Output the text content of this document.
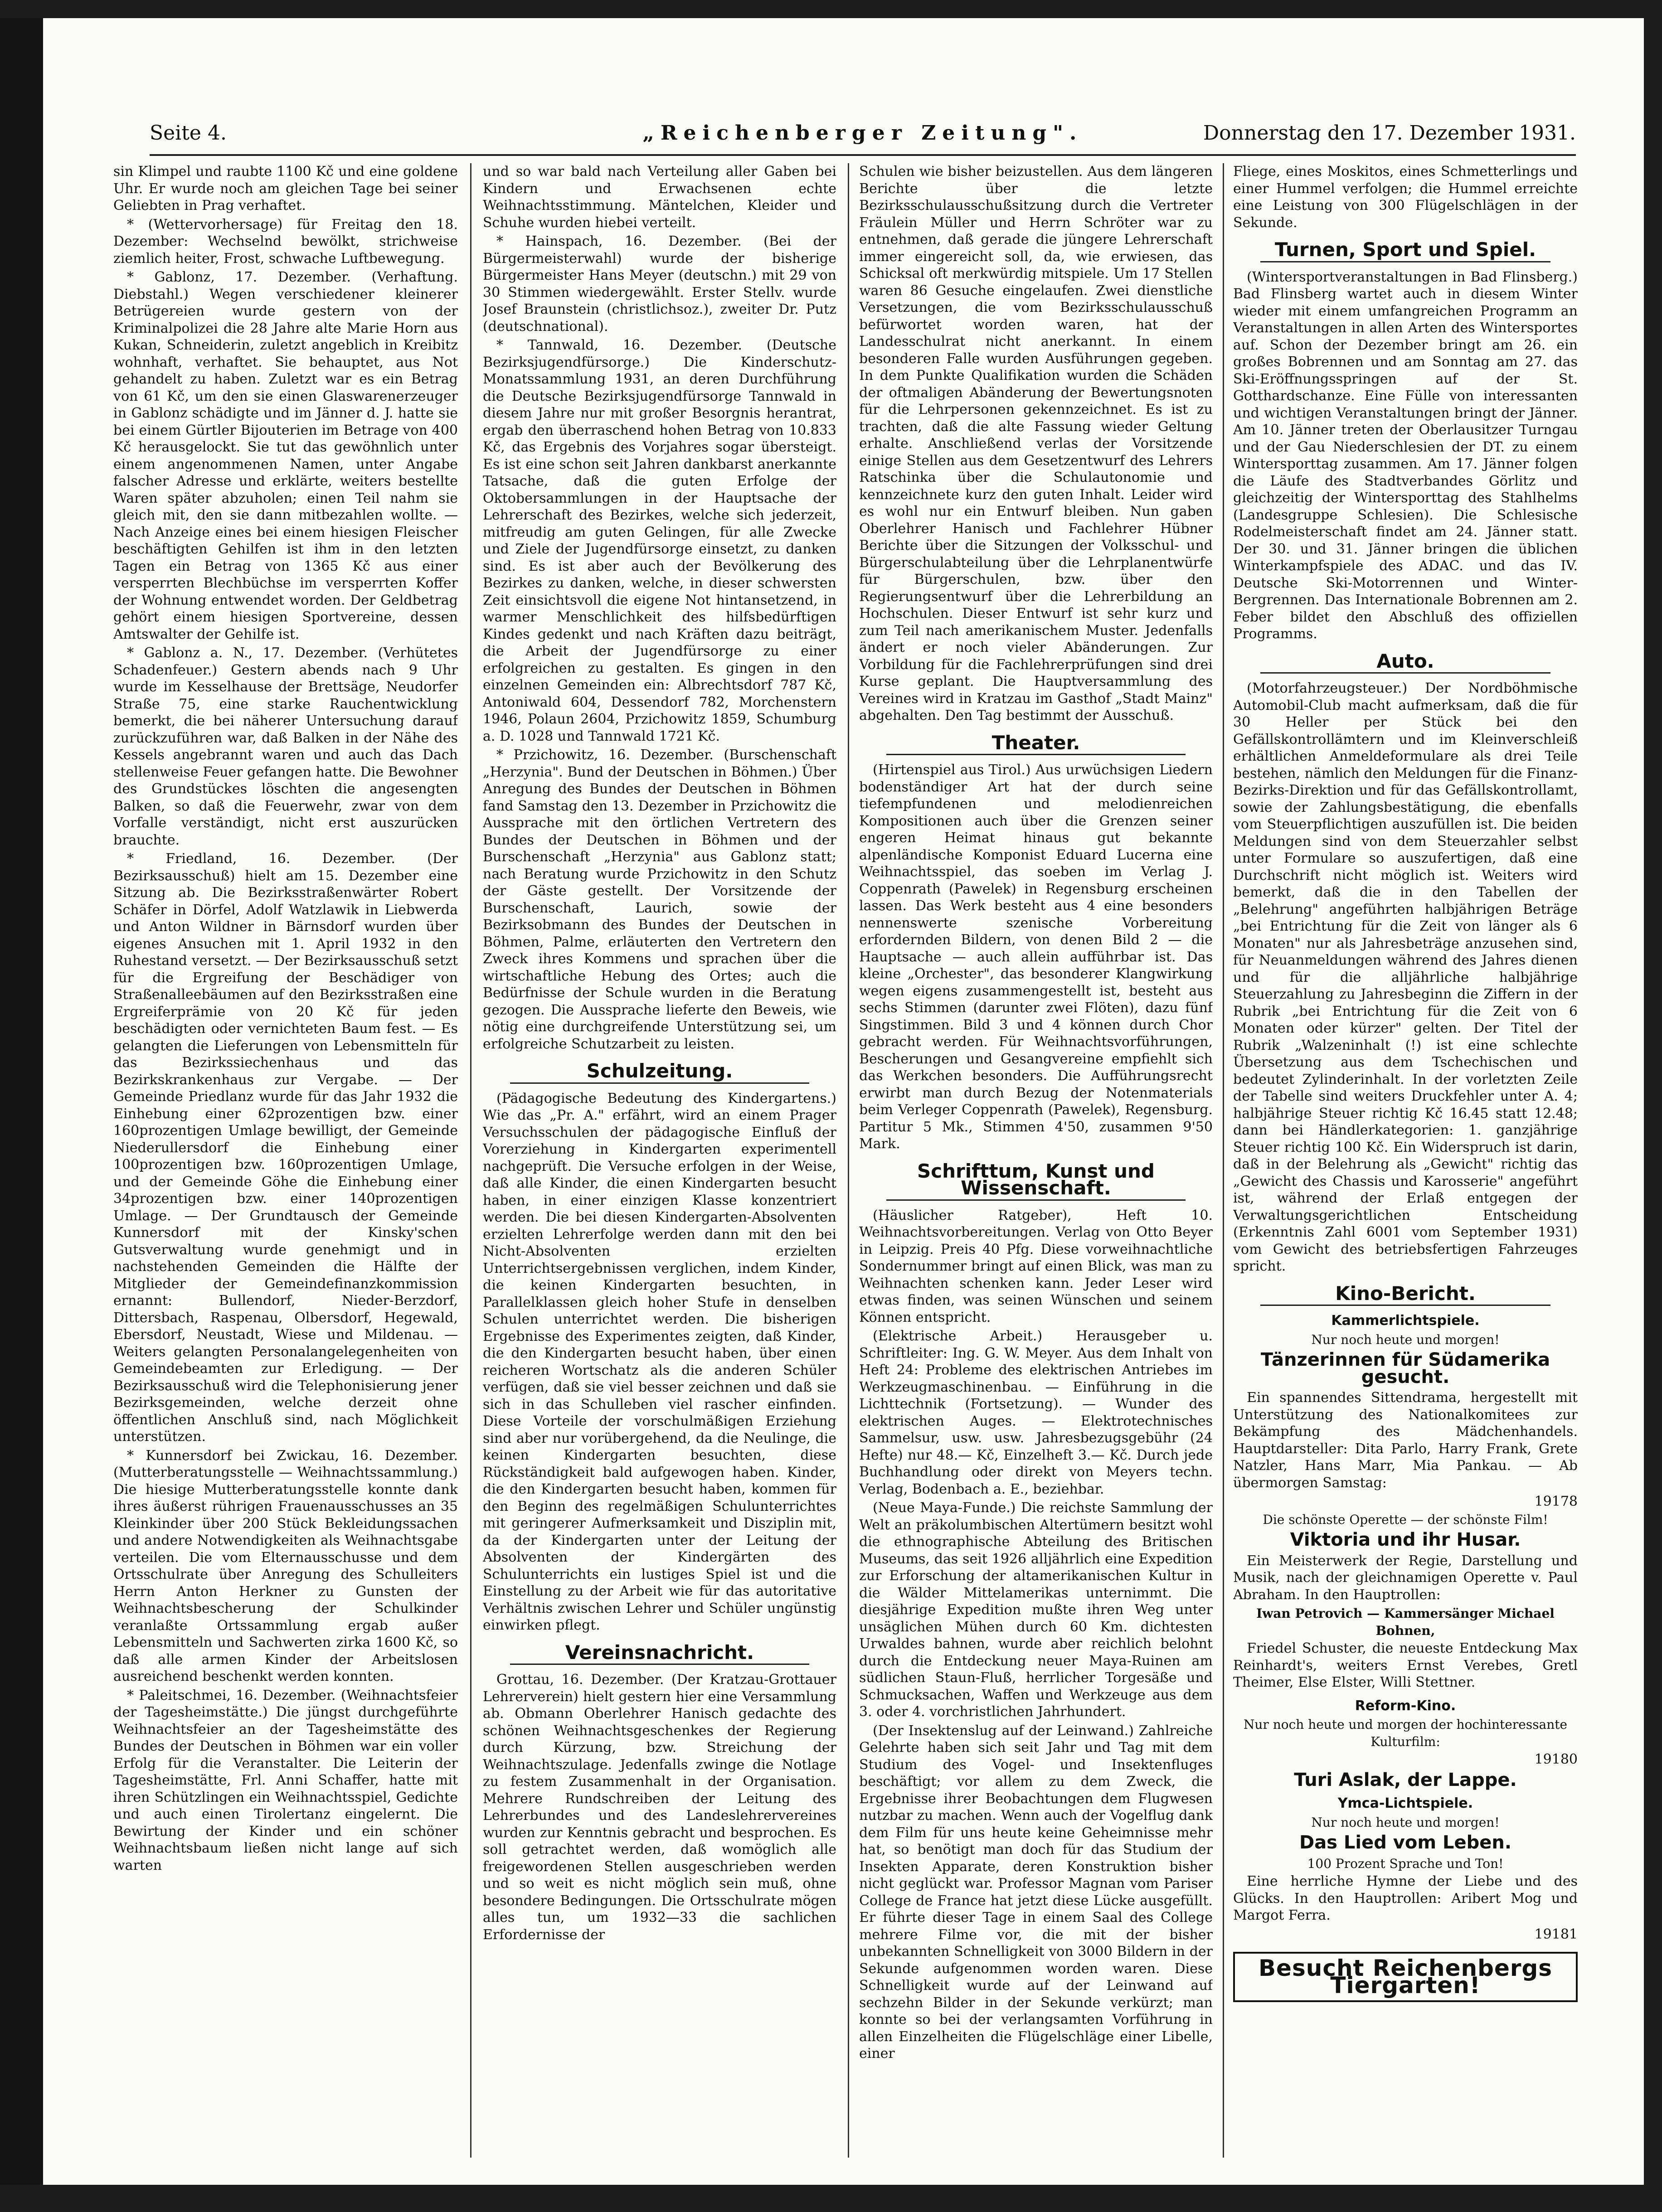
Seite 4.	„Reichenberger Zeitung".	Donnerstag den 17. Dezember 1931.

sin Klimpel und raubte 1100 Kč und eine goldene Uhr. Er wurde noch am gleichen Tage bei seiner Geliebten in Prag verhaftet.

* (Wettervorhersage) für Freitag den 18. Dezember: Wechselnd bewölkt, strichweise ziemlich heiter, Frost, schwache Luftbewegung.

* Gablonz, 17. Dezember. (Verhaftung. Diebstahl.) Wegen verschiedener kleinerer Betrügereien wurde gestern von der Kriminalpolizei die 28 Jahre alte Marie Horn aus Kukan, Schneiderin, zuletzt angeblich in Kreibitz wohnhaft, verhaftet. Sie behauptet, aus Not gehandelt zu haben. Zuletzt war es ein Betrag von 61 Kč, um den sie einen Glaswarenerzeuger in Gablonz schädigte und im Jänner d. J. hatte sie bei einem Gürtler Bijouterien im Betrage von 400 Kč herausgelockt. Sie tut das gewöhnlich unter einem angenommenen Namen, unter Angabe falscher Adresse und erklärte, weiters bestellte Waren später abzuholen; einen Teil nahm sie gleich mit, den sie dann mitbezahlen wollte. — Nach Anzeige eines bei einem hiesigen Fleischer beschäftigten Gehilfen ist ihm in den letzten Tagen ein Betrag von 1365 Kč aus einer versperrten Blechbüchse im versperrten Koffer der Wohnung entwendet worden. Der Geldbetrag gehört einem hiesigen Sportvereine, dessen Amtswalter der Gehilfe ist.

* Gablonz a. N., 17. Dezember. (Verhütetes Schadenfeuer.) Gestern abends nach 9 Uhr wurde im Kesselhause der Brettsäge, Neudorfer Straße 75, eine starke Rauchentwicklung bemerkt, die bei näherer Untersuchung darauf zurückzuführen war, daß Balken in der Nähe des Kessels angebrannt waren und auch das Dach stellenweise Feuer gefangen hatte. Die Bewohner des Grundstückes löschten die angesengten Balken, so daß die Feuerwehr, zwar von dem Vorfalle verständigt, nicht erst auszurücken brauchte.

* Friedland, 16. Dezember. (Der Bezirksausschuß) hielt am 15. Dezember eine Sitzung ab. Die Bezirksstraßenwärter Robert Schäfer in Dörfel, Adolf Watzlawik in Liebwerda und Anton Wildner in Bärnsdorf wurden über eigenes Ansuchen mit 1. April 1932 in den Ruhestand versetzt. — Der Bezirksausschuß setzt für die Ergreifung der Beschädiger von Straßenalleebäumen auf den Bezirksstraßen eine Ergreiferprämie von 20 Kč für jeden beschädigten oder vernichteten Baum fest. — Es gelangten die Lieferungen von Lebensmitteln für das Bezirkssiechenhaus und das Bezirkskrankenhaus zur Vergabe. — Der Gemeinde Priedlanz wurde für das Jahr 1932 die Einhebung einer 62prozentigen bzw. einer 160prozentigen Umlage bewilligt, der Gemeinde Niederullersdorf die Einhebung einer 100prozentigen bzw. 160prozentigen Umlage, und der Gemeinde Göhe die Einhebung einer 34prozentigen bzw. einer 140prozentigen Umlage. — Der Grundtausch der Gemeinde Kunnersdorf mit der Kinsky'schen Gutsverwaltung wurde genehmigt und in nachstehenden Gemeinden die Hälfte der Mitglieder der Gemeindefinanzkommission ernannt: Bullendorf, Nieder-Berzdorf, Dittersbach, Raspenau, Olbersdorf, Hegewald, Ebersdorf, Neustadt, Wiese und Mildenau. — Weiters gelangten Personalangelegenheiten von Gemeindebeamten zur Erledigung. — Der Bezirksausschuß wird die Telephonisierung jener Bezirksgemeinden, welche derzeit ohne öffentlichen Anschluß sind, nach Möglichkeit unterstützen.

* Kunnersdorf bei Zwickau, 16. Dezember. (Mutterberatungsstelle — Weihnachtssammlung.) Die hiesige Mutterberatungsstelle konnte dank ihres äußerst rührigen Frauenausschusses an 35 Kleinkinder über 200 Stück Bekleidungssachen und andere Notwendigkeiten als Weihnachtsgabe verteilen. Die vom Elternausschusse und dem Ortsschulrate über Anregung des Schulleiters Herrn Anton Herkner zu Gunsten der Weihnachtsbescherung der Schulkinder veranlaßte Ortssammlung ergab außer Lebensmitteln und Sachwerten zirka 1600 Kč, so daß alle armen Kinder der Arbeitslosen ausreichend beschenkt werden konnten.

* Paleitschmei, 16. Dezember. (Weihnachtsfeier der Tagesheimstätte.) Die jüngst durchgeführte Weihnachtsfeier an der Tagesheimstätte des Bundes der Deutschen in Böhmen war ein voller Erfolg für die Veranstalter. Die Leiterin der Tagesheimstätte, Frl. Anni Schaffer, hatte mit ihren Schützlingen ein Weihnachtsspiel, Gedichte und auch einen Tirolertanz eingelernt. Die Bewirtung der Kinder und ein schöner Weihnachtsbaum ließen nicht lange auf sich warten

und so war bald nach Verteilung aller Gaben bei Kindern und Erwachsenen echte Weihnachtsstimmung. Mäntelchen, Kleider und Schuhe wurden hiebei verteilt.

* Hainspach, 16. Dezember. (Bei der Bürgermeisterwahl) wurde der bisherige Bürgermeister Hans Meyer (deutschn.) mit 29 von 30 Stimmen wiedergewählt. Erster Stellv. wurde Josef Braunstein (christlichsoz.), zweiter Dr. Putz (deutschnational).

* Tannwald, 16. Dezember. (Deutsche Bezirksjugendfürsorge.) Die Kinderschutz-Monatssammlung 1931, an deren Durchführung die Deutsche Bezirksjugendfürsorge Tannwald in diesem Jahre nur mit großer Besorgnis herantrat, ergab den überraschend hohen Betrag von 10.833 Kč, das Ergebnis des Vorjahres sogar übersteigt. Es ist eine schon seit Jahren dankbarst anerkannte Tatsache, daß die guten Erfolge der Oktobersammlungen in der Hauptsache der Lehrerschaft des Bezirkes, welche sich jederzeit, mitfreudig am guten Gelingen, für alle Zwecke und Ziele der Jugendfürsorge einsetzt, zu danken sind. Es ist aber auch der Bevölkerung des Bezirkes zu danken, welche, in dieser schwersten Zeit einsichtsvoll die eigene Not hintansetzend, in warmer Menschlichkeit des hilfsbedürftigen Kindes gedenkt und nach Kräften dazu beiträgt, die Arbeit der Jugendfürsorge zu einer erfolgreichen zu gestalten. Es gingen in den einzelnen Gemeinden ein: Albrechtsdorf 787 Kč, Antoniwald 604, Dessendorf 782, Morchenstern 1946, Polaun 2604, Przichowitz 1859, Schumburg a. D. 1028 und Tannwald 1721 Kč.

* Przichowitz, 16. Dezember. (Burschenschaft „Herzynia". Bund der Deutschen in Böhmen.) Über Anregung des Bundes der Deutschen in Böhmen fand Samstag den 13. Dezember in Przichowitz die Aussprache mit den örtlichen Vertretern des Bundes der Deutschen in Böhmen und der Burschenschaft „Herzynia" aus Gablonz statt; nach Beratung wurde Przichowitz in den Schutz der Gäste gestellt. Der Vorsitzende der Burschenschaft, Laurich, sowie der Bezirksobmann des Bundes der Deutschen in Böhmen, Palme, erläuterten den Vertretern den Zweck ihres Kommens und sprachen über die wirtschaftliche Hebung des Ortes; auch die Bedürfnisse der Schule wurden in die Beratung gezogen. Die Aussprache lieferte den Beweis, wie nötig eine durchgreifende Unterstützung sei, um erfolgreiche Schutzarbeit zu leisten.

Schulzeitung.

(Pädagogische Bedeutung des Kindergartens.) Wie das „Pr. A." erfährt, wird an einem Prager Versuchsschulen der pädagogische Einfluß der Vorerziehung in Kindergarten experimentell nachgeprüft. Die Versuche erfolgen in der Weise, daß alle Kinder, die einen Kindergarten besucht haben, in einer einzigen Klasse konzentriert werden. Die bei diesen Kindergarten-Absolventen erzielten Lehrerfolge werden dann mit den bei Nicht-Absolventen erzielten Unterrichtsergebnissen verglichen, indem Kinder, die keinen Kindergarten besuchten, in Parallelklassen gleich hoher Stufe in denselben Schulen unterrichtet werden. Die bisherigen Ergebnisse des Experimentes zeigten, daß Kinder, die den Kindergarten besucht haben, über einen reicheren Wortschatz als die anderen Schüler verfügen, daß sie viel besser zeichnen und daß sie sich in das Schulleben viel rascher einfinden. Diese Vorteile der vorschulmäßigen Erziehung sind aber nur vorübergehend, da die Neulinge, die keinen Kindergarten besuchten, diese Rückständigkeit bald aufgewogen haben. Kinder, die den Kindergarten besucht haben, kommen für den Beginn des regelmäßigen Schulunterrichtes mit geringerer Aufmerksamkeit und Disziplin mit, da der Kindergarten unter der Leitung der Absolventen der Kindergärten des Schulunterrichts ein lustiges Spiel ist und die Einstellung zu der Arbeit wie für das autoritative Verhältnis zwischen Lehrer und Schüler ungünstig einwirken pflegt.

Vereinsnachricht.

Grottau, 16. Dezember. (Der Kratzau-Grottauer Lehrerverein) hielt gestern hier eine Versammlung ab. Obmann Oberlehrer Hanisch gedachte des schönen Weihnachtsgeschenkes der Regierung durch Kürzung, bzw. Streichung der Weihnachtszulage. Jedenfalls zwinge die Notlage zu festem Zusammenhalt in der Organisation. Mehrere Rundschreiben der Leitung des Lehrerbundes und des Landeslehrervereines wurden zur Kenntnis gebracht und besprochen. Es soll getrachtet werden, daß womöglich alle freigewordenen Stellen ausgeschrieben werden und so weit es nicht möglich sein muß, ohne besondere Bedingungen. Die Ortsschulrate mögen alles tun, um 1932—33 die sachlichen Erfordernisse der

Schulen wie bisher beizustellen. Aus dem längeren Berichte über die letzte Bezirksschulausschußsitzung durch die Vertreter Fräulein Müller und Herrn Schröter war zu entnehmen, daß gerade die jüngere Lehrerschaft immer eingereicht soll, da, wie erwiesen, das Schicksal oft merkwürdig mitspiele. Um 17 Stellen waren 86 Gesuche eingelaufen. Zwei dienstliche Versetzungen, die vom Bezirksschulausschuß befürwortet worden waren, hat der Landesschulrat nicht anerkannt. In einem besonderen Falle wurden Ausführungen gegeben. In dem Punkte Qualifikation wurden die Schäden der oftmaligen Abänderung der Bewertungsnoten für die Lehrpersonen gekennzeichnet. Es ist zu trachten, daß die alte Fassung wieder Geltung erhalte. Anschließend verlas der Vorsitzende einige Stellen aus dem Gesetzentwurf des Lehrers Ratschinka über die Schulautonomie und kennzeichnete kurz den guten Inhalt. Leider wird es wohl nur ein Entwurf bleiben. Nun gaben Oberlehrer Hanisch und Fachlehrer Hübner Berichte über die Sitzungen der Volksschul- und Bürgerschulabteilung über die Lehrplanentwürfe für Bürgerschulen, bzw. über den Regierungsentwurf über die Lehrerbildung an Hochschulen. Dieser Entwurf ist sehr kurz und zum Teil nach amerikanischem Muster. Jedenfalls ändert er noch vieler Abänderungen. Zur Vorbildung für die Fachlehrerprüfungen sind drei Kurse geplant. Die Hauptversammlung des Vereines wird in Kratzau im Gasthof „Stadt Mainz" abgehalten. Den Tag bestimmt der Ausschuß.

Theater.

(Hirtenspiel aus Tirol.) Aus urwüchsigen Liedern bodenständiger Art hat der durch seine tiefempfundenen und melodienreichen Kompositionen auch über die Grenzen seiner engeren Heimat hinaus gut bekannte alpenländische Komponist Eduard Lucerna eine Weihnachtsspiel, das soeben im Verlag J. Coppenrath (Pawelek) in Regensburg erscheinen lassen. Das Werk besteht aus 4 eine besonders nennenswerte szenische Vorbereitung erfordernden Bildern, von denen Bild 2 — die Hauptsache — auch allein aufführbar ist. Das kleine „Orchester", das besonderer Klangwirkung wegen eigens zusammengestellt ist, besteht aus sechs Stimmen (darunter zwei Flöten), dazu fünf Singstimmen. Bild 3 und 4 können durch Chor gebracht werden. Für Weihnachtsvorführungen, Bescherungen und Gesangvereine empfiehlt sich das Werkchen besonders. Die Aufführungsrecht erwirbt man durch Bezug der Notenmaterials beim Verleger Coppenrath (Pawelek), Regensburg. Partitur 5 Mk., Stimmen 4'50, zusammen 9'50 Mark.

Schrifttum, Kunst und Wissenschaft.

(Häuslicher Ratgeber), Heft 10. Weihnachtsvorbereitungen. Verlag von Otto Beyer in Leipzig. Preis 40 Pfg. Diese vorweihnachtliche Sondernummer bringt auf einen Blick, was man zu Weihnachten schenken kann. Jeder Leser wird etwas finden, was seinen Wünschen und seinem Können entspricht.

(Elektrische Arbeit.) Herausgeber u. Schriftleiter: Ing. G. W. Meyer. Aus dem Inhalt von Heft 24: Probleme des elektrischen Antriebes im Werkzeugmaschinenbau. — Einführung in die Lichttechnik (Fortsetzung). — Wunder des elektrischen Auges. — Elektrotechnisches Sammelsur, usw. usw. Jahresbezugsgebühr (24 Hefte) nur 48.— Kč, Einzelheft 3.— Kč. Durch jede Buchhandlung oder direkt von Meyers techn. Verlag, Bodenbach a. E., beziehbar.

(Neue Maya-Funde.) Die reichste Sammlung der Welt an präkolumbischen Altertümern besitzt wohl die ethnographische Abteilung des Britischen Museums, das seit 1926 alljährlich eine Expedition zur Erforschung der altamerikanischen Kultur in die Wälder Mittelamerikas unternimmt. Die diesjährige Expedition mußte ihren Weg unter unsäglichen Mühen durch 60 Km. dichtesten Urwaldes bahnen, wurde aber reichlich belohnt durch die Entdeckung neuer Maya-Ruinen am südlichen Staun-Fluß, herrlicher Torgesäße und Schmucksachen, Waffen und Werkzeuge aus dem 3. oder 4. vorchristlichen Jahrhundert.

(Der Insektenslug auf der Leinwand.) Zahlreiche Gelehrte haben sich seit Jahr und Tag mit dem Studium des Vogel- und Insektenfluges beschäftigt; vor allem zu dem Zweck, die Ergebnisse ihrer Beobachtungen dem Flugwesen nutzbar zu machen. Wenn auch der Vogelflug dank dem Film für uns heute keine Geheimnisse mehr hat, so benötigt man doch für das Studium der Insekten Apparate, deren Konstruktion bisher nicht geglückt war. Professor Magnan vom Pariser College de France hat jetzt diese Lücke ausgefüllt. Er führte dieser Tage in einem Saal des College mehrere Filme vor, die mit der bisher unbekannten Schnelligkeit von 3000 Bildern in der Sekunde aufgenommen worden waren. Diese Schnelligkeit wurde auf der Leinwand auf sechzehn Bilder in der Sekunde verkürzt; man konnte so bei der verlangsamten Vorführung in allen Einzelheiten die Flügelschläge einer Libelle, einer

Fliege, eines Moskitos, eines Schmetterlings und einer Hummel verfolgen; die Hummel erreichte eine Leistung von 300 Flügelschlägen in der Sekunde.

Turnen, Sport und Spiel.

(Wintersportveranstaltungen in Bad Flinsberg.) Bad Flinsberg wartet auch in diesem Winter wieder mit einem umfangreichen Programm an Veranstaltungen in allen Arten des Wintersportes auf. Schon der Dezember bringt am 26. ein großes Bobrennen und am Sonntag am 27. das Ski-Eröffnungsspringen auf der St. Gotthardschanze. Eine Fülle von interessanten und wichtigen Veranstaltungen bringt der Jänner. Am 10. Jänner treten der Oberlausitzer Turngau und der Gau Niederschlesien der DT. zu einem Wintersporttag zusammen. Am 17. Jänner folgen die Läufe des Stadtverbandes Görlitz und gleichzeitig der Wintersporttag des Stahlhelms (Landesgruppe Schlesien). Die Schlesische Rodelmeisterschaft findet am 24. Jänner statt. Der 30. und 31. Jänner bringen die üblichen Winterkampfspiele des ADAC. und das IV. Deutsche Ski-Motorrennen und Winter-Bergrennen. Das Internationale Bobrennen am 2. Feber bildet den Abschluß des offiziellen Programms.

Auto.

(Motorfahrzeugsteuer.) Der Nordböhmische Automobil-Club macht aufmerksam, daß die für 30 Heller per Stück bei den Gefällskontrollämtern und im Kleinverschleiß erhältlichen Anmeldeformulare als drei Teile bestehen, nämlich den Meldungen für die Finanz-Bezirks-Direktion und für das Gefällskontrollamt, sowie der Zahlungsbestätigung, die ebenfalls vom Steuerpflichtigen auszufüllen ist. Die beiden Meldungen sind von dem Steuerzahler selbst unter Formulare so auszufertigen, daß eine Durchschrift nicht möglich ist. Weiters wird bemerkt, daß die in den Tabellen der „Belehrung" angeführten halbjährigen Beträge „bei Entrichtung für die Zeit von länger als 6 Monaten" nur als Jahresbeträge anzusehen sind, für Neuanmeldungen während des Jahres dienen und für die alljährliche halbjährige Steuerzahlung zu Jahresbeginn die Ziffern in der Rubrik „bei Entrichtung für die Zeit von 6 Monaten oder kürzer" gelten. Der Titel der Rubrik „Walzeninhalt (!) ist eine schlechte Übersetzung aus dem Tschechischen und bedeutet Zylinderinhalt. In der vorletzten Zeile der Tabelle sind weiters Druckfehler unter A. 4; halbjährige Steuer richtig Kč 16.45 statt 12.48; dann bei Händlerkategorien: 1. ganzjährige Steuer richtig 100 Kč. Ein Widerspruch ist darin, daß in der Belehrung als „Gewicht" richtig das „Gewicht des Chassis und Karosserie" angeführt ist, während der Erlaß entgegen der Verwaltungsgerichtlichen Entscheidung (Erkenntnis Zahl 6001 vom September 1931) vom Gewicht des betriebsfertigen Fahrzeuges spricht.

Kino-Bericht.
Kammerlichtspiele.
Nur noch heute und morgen!
Tänzerinnen für Südamerika gesucht.

Ein spannendes Sittendrama, hergestellt mit Unterstützung des Nationalkomitees zur Bekämpfung des Mädchenhandels. Hauptdarsteller: Dita Parlo, Harry Frank, Grete Natzler, Hans Marr, Mia Pankau. — Ab übermorgen Samstag:

19178
Die schönste Operette — der schönste Film!
Viktoria und ihr Husar.

Ein Meisterwerk der Regie, Darstellung und Musik, nach der gleichnamigen Operette v. Paul Abraham. In den Hauptrollen:

Iwan Petrovich — Kammersänger Michael Bohnen,

Friedel Schuster, die neueste Entdeckung Max Reinhardt's, weiters Ernst Verebes, Gretl Theimer, Else Elster, Willi Stettner.

Reform-Kino.
Nur noch heute und morgen der hochinteressante Kulturfilm:
19180
Turi Aslak, der Lappe.
Ymca-Lichtspiele.
Nur noch heute und morgen!
Das Lied vom Leben.
100 Prozent Sprache und Ton!

Eine herrliche Hymne der Liebe und des Glücks. In den Hauptrollen: Aribert Mog und Margot Ferra.

19181
Besucht Reichenbergs Tiergarten!
